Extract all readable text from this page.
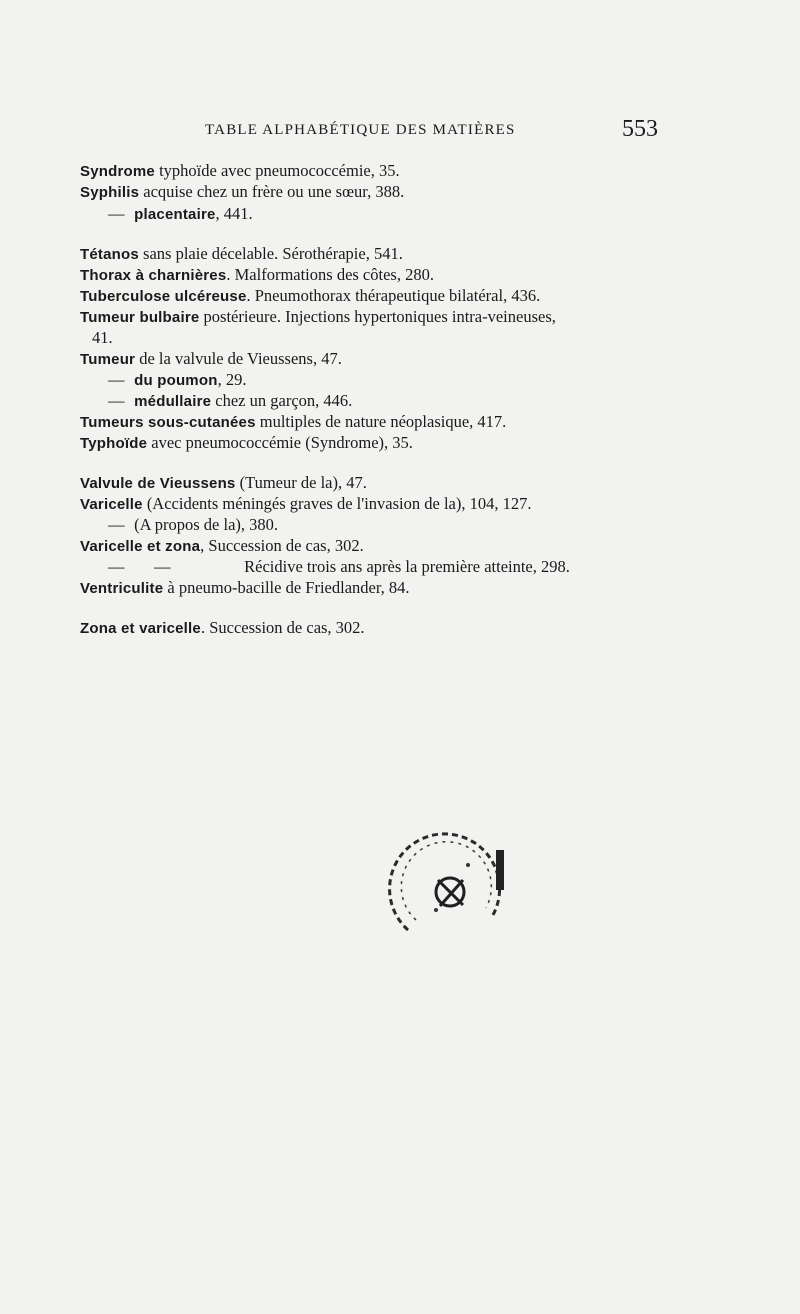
TABLE ALPHABÉTIQUE DES MATIÈRES	553
Syndrome typhoïde avec pneumococcémie, 35.
Syphilis acquise chez un frère ou une sœur, 388.
— placentaire, 441.
Tétanos sans plaie décelable. Sérothérapie, 541.
Thorax à charnières. Malformations des côtes, 280.
Tuberculose ulcéreuse. Pneumothorax thérapeutique bilatéral, 436.
Tumeur bulbaire postérieure. Injections hypertoniques intra-veineuses,
41.
Tumeur de la valvule de Vieussens, 47.
— du poumon, 29.
— médullaire chez un garçon, 446.
Tumeurs sous-cutanées multiples de nature néoplasique, 417.
Typhoïde avec pneumococcémie (Syndrome), 35.
Valvule de Vieussens (Tumeur de la), 47.
Varicelle (Accidents méningés graves de l'invasion de la), 104, 127.
— (A propos de la), 380.
Varicelle et zona, Succession de cas, 302.
— —	Récidive trois ans après la première atteinte, 298.
Ventriculite à pneumo-bacille de Friedlander, 84.
Zona et varicelle. Succession de cas, 302.
